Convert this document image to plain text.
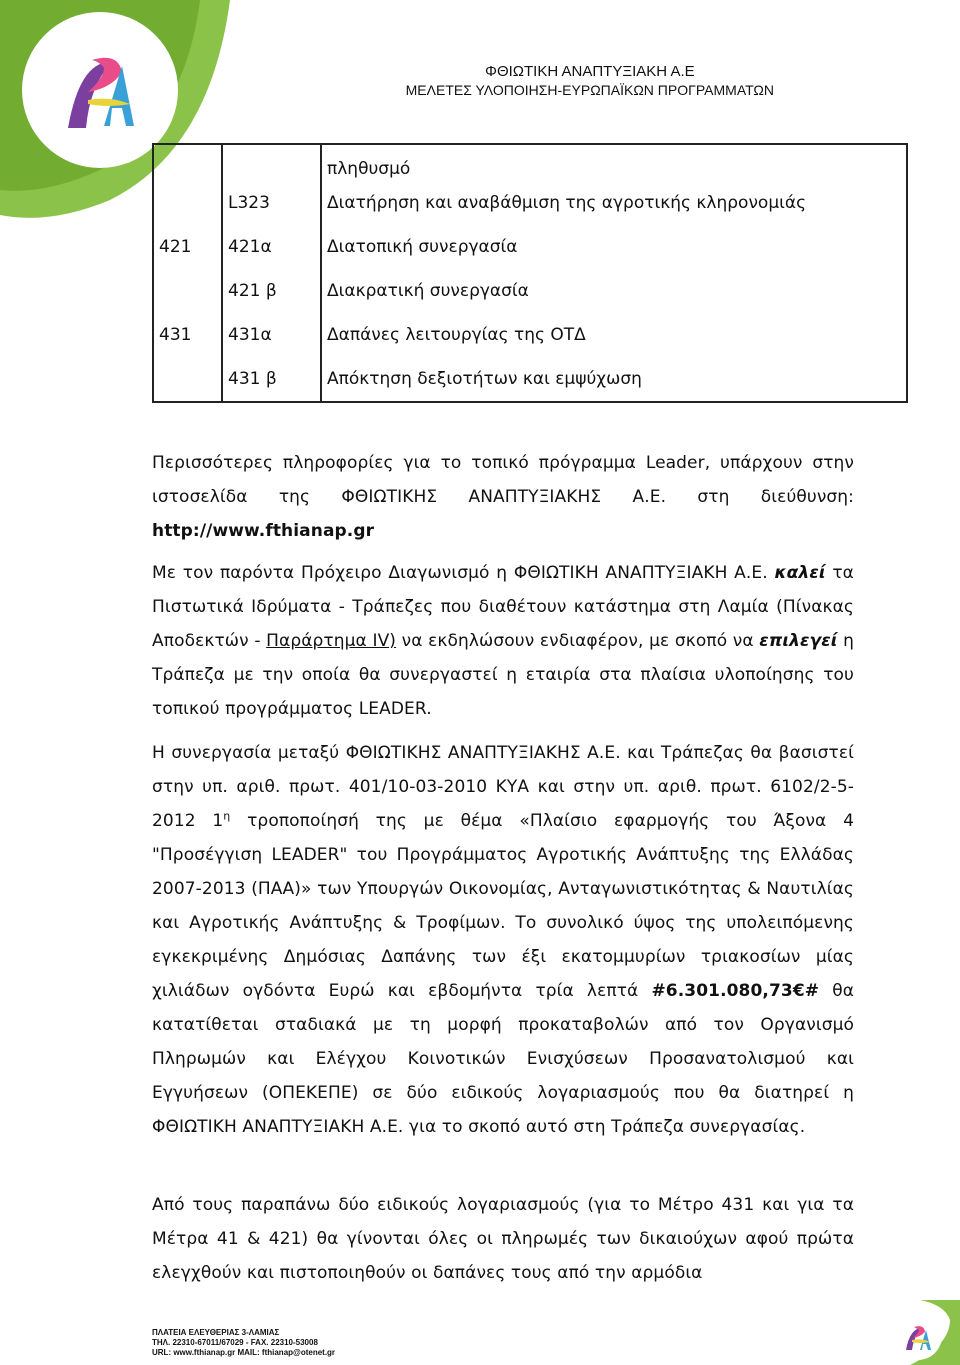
ΦΘΙΩΤΙΚΗ ΑΝΑΠΤΥΞΙΑΚΗ Α.Ε
ΜΕΛΕΤΕΣ ΥΛΟΠΟΙΗΣΗ-ΕΥΡΩΠΑΪΚΩΝ ΠΡΟΓΡΑΜΜΑΤΩΝ
		πληθυσμό
	L323	Διατήρηση και αναβάθμιση της αγροτικής κληρονομιάς
421	421α	Διατοπική συνεργασία
	421 β	Διακρατική συνεργασία
431	431α	Δαπάνες λειτουργίας της ΟΤΔ
	431 β	Απόκτηση δεξιοτήτων και εμψύχωση
Περισσότερες πληροφορίες για το τοπικό πρόγραμμα Leader, υπάρχουν στην ιστοσελίδα της ΦΘΙΩΤΙΚΗΣ ΑΝΑΠΤΥΞΙΑΚΗΣ Α.Ε. στη διεύθυνση: http://www.fthianap.gr
Με τον παρόντα Πρόχειρο Διαγωνισμό η ΦΘΙΩΤΙΚΗ ΑΝΑΠΤΥΞΙΑΚΗ Α.Ε. καλεί τα Πιστωτικά Ιδρύματα - Τράπεζες που διαθέτουν κατάστημα στη Λαμία (Πίνακας Αποδεκτών - Παράρτημα IV) να εκδηλώσουν ενδιαφέρον, με σκοπό να επιλεγεί η Τράπεζα με την οποία θα συνεργαστεί η εταιρία στα πλαίσια υλοποίησης του τοπικού προγράμματος LEADER.
Η συνεργασία μεταξύ ΦΘΙΩΤΙΚΗΣ ΑΝΑΠΤΥΞΙΑΚΗΣ Α.Ε. και Τράπεζας θα βασιστεί στην υπ. αριθ. πρωτ. 401/10-03-2010 ΚΥΑ και στην υπ. αριθ. πρωτ. 6102/2-5-2012 $1^\eta$ τροποποίησή της με θέμα «Πλαίσιο εφαρμογής του Άξονα 4 "Προσέγγιση LEADER" του Προγράμματος Αγροτικής Ανάπτυξης της Ελλάδας 2007-2013 (ΠΑΑ)» των Υπουργών Οικονομίας, Ανταγωνιστικότητας & Ναυτιλίας και Αγροτικής Ανάπτυξης & Τροφίμων. Το συνολικό ύψος της υπολειπόμενης εγκεκριμένης Δημόσιας Δαπάνης των έξι εκατομμυρίων τριακοσίων μίας χιλιάδων ογδόντα Ευρώ και εβδομήντα τρία λεπτά #6.301.080,73€# θα κατατίθεται σταδιακά με τη μορφή προκαταβολών από τον Οργανισμό Πληρωμών και Ελέγχου Κοινοτικών Ενισχύσεων Προσανατολισμού και Εγγυήσεων (ΟΠΕΚΕΠΕ) σε δύο ειδικούς λογαριασμούς που θα διατηρεί η ΦΘΙΩΤΙΚΗ ΑΝΑΠΤΥΞΙΑΚΗ Α.Ε. για το σκοπό αυτό στη Τράπεζα συνεργασίας.
Από τους παραπάνω δύο ειδικούς λογαριασμούς (για το Μέτρο 431 και για τα Μέτρα 41 & 421) θα γίνονται όλες οι πληρωμές των δικαιούχων αφού πρώτα ελεγχθούν και πιστοποιηθούν οι δαπάνες τους από την αρμόδια
ΠΛΑΤΕΙΑ ΕΛΕΥΘΕΡΙΑΣ 3-ΛΑΜΙΑΣ
ΤΗΛ. 22310-67011/67029 - FAX. 22310-53008
URL: www.fthianap.gr MAIL: fthianap@otenet.gr
